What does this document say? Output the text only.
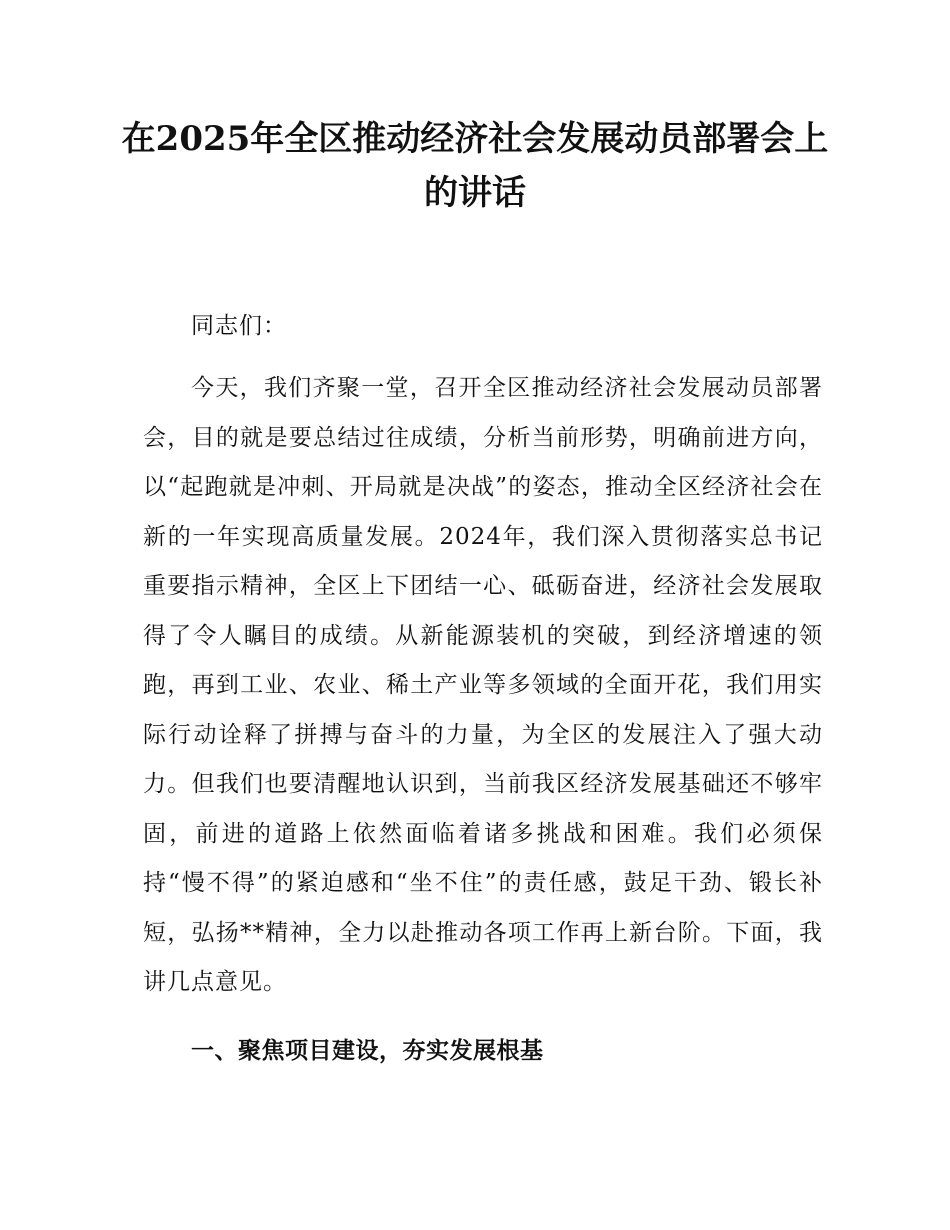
在2025年全区推动经济社会发展动员部署会上的讲话

同志们：

今天，我们齐聚一堂，召开全区推动经济社会发展动员部署会，目的就是要总结过往成绩，分析当前形势，明确前进方向，以“起跑就是冲刺、开局就是决战”的姿态，推动全区经济社会在新的一年实现高质量发展。2024年，我们深入贯彻落实总书记重要指示精神，全区上下团结一心、砥砺奋进，经济社会发展取得了令人瞩目的成绩。从新能源装机的突破，到经济增速的领跑，再到工业、农业、稀土产业等多领域的全面开花，我们用实际行动诠释了拼搏与奋斗的力量，为全区的发展注入了强大动力。但我们也要清醒地认识到，当前我区经济发展基础还不够牢固，前进的道路上依然面临着诸多挑战和困难。我们必须保持“慢不得”的紧迫感和“坐不住”的责任感，鼓足干劲、锻长补短，弘扬**精神，全力以赴推动各项工作再上新台阶。下面，我讲几点意见。

一、聚焦项目建设，夯实发展根基
